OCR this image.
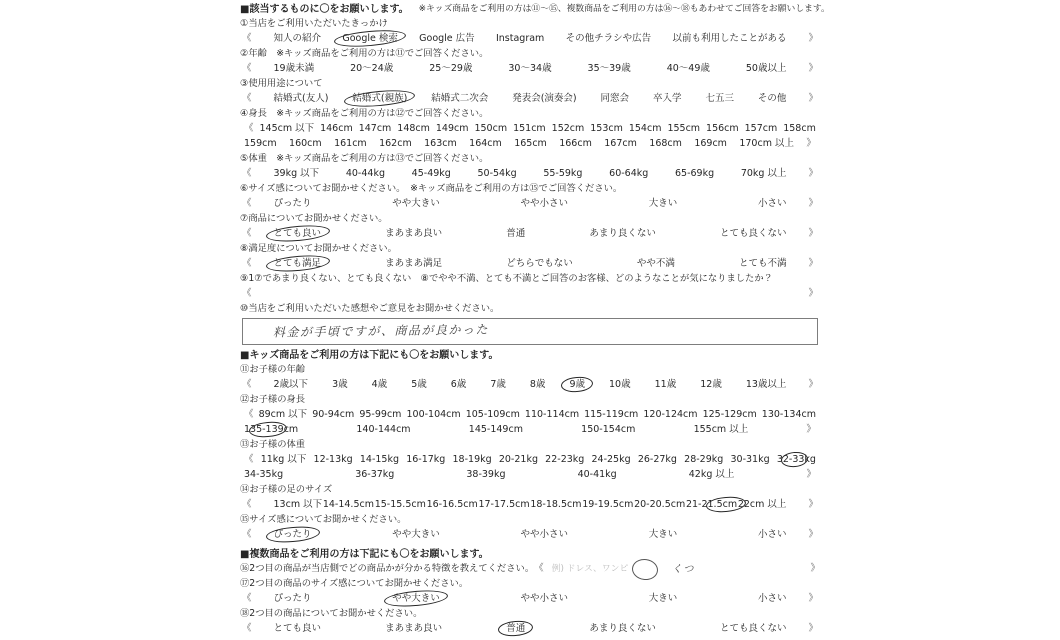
■該当するものに〇をお願いします。 ※キッズ商品をご利用の方は⑪～⑮、複数商品をご利用の方は⑯～⑱もあわせてご回答をお願いします。
①当店をご利用いただいたきっかけ
《 知人の紹介 Google 検索 Google 広告 Instagram その他チラシや広告 以前も利用したことがある 》
②年齢　※キッズ商品をご利用の方は⑪でご回答ください。
《 19歳未満	20～24歳	25～29歳	30～34歳	35～39歳	40～49歳	50歳以上 》
③使用用途について
《 結婚式(友人)	結婚式(親族)	結婚式二次会	発表会(演奏会)	同窓会	卒入学	七五三	その他 》
④身長　※キッズ商品をご利用の方は⑫でご回答ください。
《 145cm 以下 146cm 147cm 148cm 149cm 150cm 151cm 152cm 153cm 154cm 155cm 156cm 157cm 158cm
159cm 160cm 161cm 162cm 163cm 164cm 165cm 166cm 167cm 168cm 169cm 170cm 以上 》
⑤体重　※キッズ商品をご利用の方は⑬でご回答ください。
《 39kg 以下	40-44kg	45-49kg	50-54kg	55-59kg	60-64kg	65-69kg	70kg 以上 》
⑥サイズ感についてお聞かせください。　※キッズ商品をご利用の方は⑮でご回答ください。
《 ぴったり	やや大きい	やや小さい	大きい	小さい 》
⑦商品についてお聞かせください。
《 とても良い	まあまあ良い	普通	あまり良くない	とても良くない 》
⑧満足度についてお聞かせください。
《 とても満足	まあまあ満足	どちらでもない	やや不満	とても不満 》
⑨1⑦であまり良くない、とても良くない　⑧でやや不満、とても不満とご回答のお客様、どのようなことが気になりましたか？
《	》
⑩当店をご利用いただいた感想やご意見をお聞かせください。
料金が手頃ですが、商品が良かった
■キッズ商品をご利用の方は下記にも〇をお願いします。
⑪お子様の年齢
《 2歳以下	3歳	4歳	5歳	6歳	7歳	8歳	9歳	10歳	11歳	12歳	13歳以上 》
⑫お子様の身長
《 89cm 以下 90-94cm 95-99cm 100-104cm 105-109cm 110-114cm 115-119cm 120-124cm 125-129cm 130-134cm
135-139cm	140-144cm	145-149cm	150-154cm	155cm 以上	》
⑬お子様の体重
《 11kg 以下 12-13kg 14-15kg 16-17kg 18-19kg 20-21kg 22-23kg 24-25kg 26-27kg 28-29kg 30-31kg 32-33kg
34-35kg	36-37kg	38-39kg	40-41kg	42kg 以上	》
⑭お子様の足のサイズ
《 13cm 以下 14-14.5cm 15-15.5cm 16-16.5cm 17-17.5cm 18-18.5cm 19-19.5cm 20-20.5cm 21-21.5cm 22cm 以上 》
⑮サイズ感についてお聞かせください。
《 ぴったり	やや大きい	やや小さい	大きい	小さい 》
■複数商品をご利用の方は下記にも〇をお願いします。
⑯2つ目の商品が当店側でどの商品かが分かる特徴を教えてください。 《 例) ドレス、ワンピ	くつ	》
⑰2つ目の商品のサイズ感についてお聞かせください。
《 ぴったり	やや大きい	やや小さい	大きい	小さい 》
⑱2つ目の商品についてお聞かせください。
《 とても良い	まあまあ良い	普通	あまり良くない	とても良くない 》
